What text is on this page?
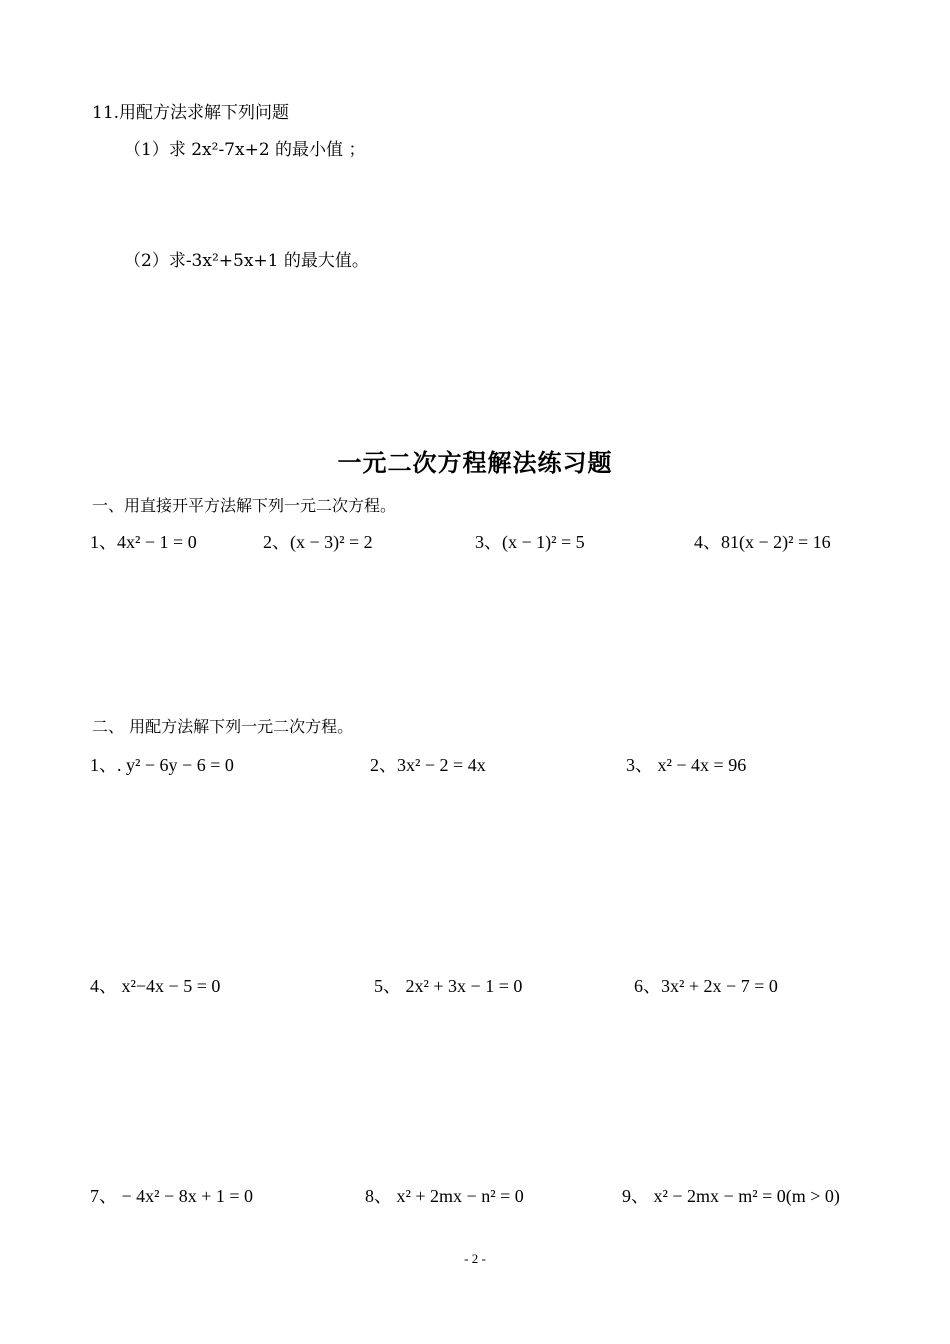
11.用配方法求解下列问题
（1）求 2x²-7x+2 的最小值 ；
（2）求-3x²+5x+1 的最大值。
一元二次方程解法练习题
一、用直接开平方法解下列一元二次方程。
1、4x² − 1 = 0	2、(x − 3)² = 2	3、(x − 1)² = 5	4、81(x − 2)² = 16
二、 用配方法解下列一元二次方程。
1、. y² − 6y − 6 = 0	2、3x² − 2 = 4x	3、 x² − 4x = 96
4、 x²−4x − 5 = 0	5、 2x² + 3x − 1 = 0	6、3x² + 2x − 7 = 0
7、 − 4x² − 8x + 1 = 0	8、 x² + 2mx − n² = 0	9、 x² − 2mx − m² = 0(m > 0)
- 2 -
